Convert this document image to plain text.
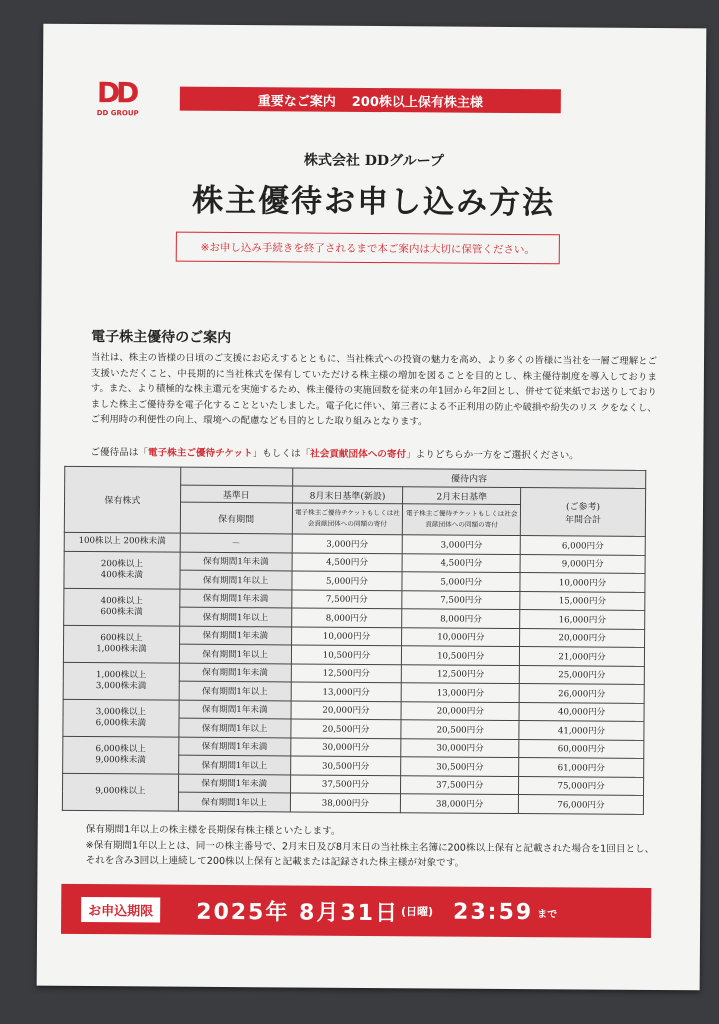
DD
DD GROUP
重要なご案内 200株以上保有株主様
株式会社 DDグループ
株主優待お申し込み方法
※お申し込み手続きを終了されるまで本ご案内は大切に保管ください。
電子株主優待のご案内
当社は、株主の皆様の日頃のご支援にお応えするとともに、当社株式への投資の魅力を高め、より多くの皆様に当社を一層ご理解とご支援いただくこと、中長期的に当社株式を保有していただける株主様の増加を図ることを目的とし、株主優待制度を導入しております。また、より積極的な株主還元を実施するため、株主優待の実施回数を従来の年1回から年2回とし、併せて従来紙でお送りしておりました株主ご優待券を電子化することといたしました。電子化に伴い、第三者による不正利用の防止や破損や紛失のリス クをなくし、ご利用時の利便性の向上、環境への配慮なども目的とした取り組みとなります。
ご優待品は「電子株主ご優待チケット」もしくは「社会貢献団体への寄付」よりどちらか一方をご選択ください。
保有株式		優待内容		
	基準日	8月末日基準(新設)	2月末日基準	(ご参考)
年間合計

	保有期間	電子株主ご優待チケットもしくは社会貢献団体への同額の寄付	電子株主ご優待チケットもしくは社会貢献団体への同額の寄付	
100株以上 200株未満	－	3,000円分	3,000円分	6,000円分
200株以上
400株未満	保有期間1年未満	4,500円分	4,500円分	9,000円分
	保有期間1年以上	5,000円分	5,000円分	10,000円分
400株以上
600株未満	保有期間1年未満	7,500円分	7,500円分	15,000円分
	保有期間1年以上	8,000円分	8,000円分	16,000円分
600株以上
1,000株未満	保有期間1年未満	10,000円分	10,000円分	20,000円分
	保有期間1年以上	10,500円分	10,500円分	21,000円分
1,000株以上
3,000株未満	保有期間1年未満	12,500円分	12,500円分	25,000円分
	保有期間1年以上	13,000円分	13,000円分	26,000円分
3,000株以上
6,000株未満	保有期間1年未満	20,000円分	20,000円分	40,000円分
	保有期間1年以上	20,500円分	20,500円分	41,000円分
6,000株以上
9,000株未満	保有期間1年未満	30,000円分	30,000円分	60,000円分
	保有期間1年以上	30,500円分	30,500円分	61,000円分
9,000株以上	保有期間1年未満	37,500円分	37,500円分	75,000円分
	保有期間1年以上	38,000円分	38,000円分	76,000円分
保有期間1年以上の株主様を長期保有株主様といたします。
※保有期間1年以上とは、同一の株主番号で、2月末日及び8月末日の当社株主名簿に200株以上保有と記載された場合を1回目とし、それを含み3回以上連続して200株以上保有と記載または記録された株主様が対象です。
お申込期限	2025年 8月31日 (日曜) 23:59 まで
